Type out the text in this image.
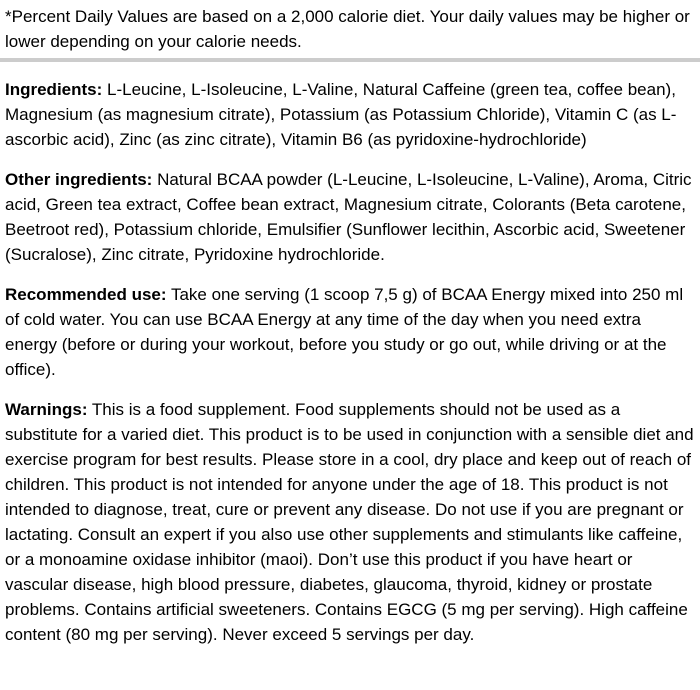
*Percent Daily Values are based on a 2,000 calorie diet. Your daily values may be higher or lower depending on your calorie needs.

Ingredients: L-Leucine, L-Isoleucine, L-Valine, Natural Caffeine (green tea, coffee bean), Magnesium (as magnesium citrate), Potassium (as Potassium Chloride), Vitamin C (as L-ascorbic acid), Zinc (as zinc citrate), Vitamin B6 (as pyridoxine-hydrochloride)

Other ingredients: Natural BCAA powder (L-Leucine, L-Isoleucine, L-Valine), Aroma, Citric acid, Green tea extract, Coffee bean extract, Magnesium citrate, Colorants (Beta carotene, Beetroot red), Potassium chloride, Emulsifier (Sunflower lecithin, Ascorbic acid, Sweetener (Sucralose), Zinc citrate, Pyridoxine hydrochloride.

Recommended use: Take one serving (1 scoop 7,5 g) of BCAA Energy mixed into 250 ml of cold water. You can use BCAA Energy at any time of the day when you need extra energy (before or during your workout, before you study or go out, while driving or at the office).

Warnings: This is a food supplement. Food supplements should not be used as a substitute for a varied diet. This product is to be used in conjunction with a sensible diet and exercise program for best results. Please store in a cool, dry place and keep out of reach of children. This product is not intended for anyone under the age of 18. This product is not intended to diagnose, treat, cure or prevent any disease. Do not use if you are pregnant or lactating. Consult an expert if you also use other supplements and stimulants like caffeine, or a monoamine oxidase inhibitor (maoi). Don’t use this product if you have heart or vascular disease, high blood pressure, diabetes, glaucoma, thyroid, kidney or prostate problems. Contains artificial sweeteners. Contains EGCG (5 mg per serving). High caffeine content (80 mg per serving). Never exceed 5 servings per day.
